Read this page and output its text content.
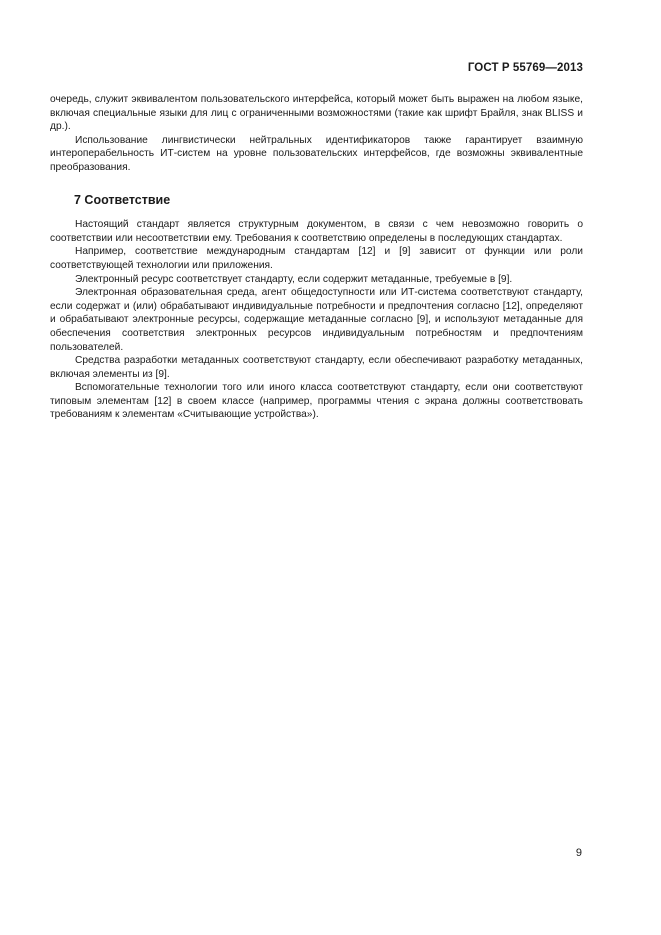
ГОСТ Р 55769—2013

очередь, служит эквивалентом пользовательского интерфейса, который может быть выражен на любом языке, включая специальные языки для лиц с ограниченными возможностями (такие как шрифт Брайля, знак BLISS и др.).

Использование лингвистически нейтральных идентификаторов также гарантирует взаимную интероперабельность ИТ-систем на уровне пользовательских интерфейсов, где возможны эквивалентные преобразования.

7 Соответствие

Настоящий стандарт является структурным документом, в связи с чем невозможно говорить о соответствии или несоответствии ему. Требования к соответствию определены в последующих стандартах.

Например, соответствие международным стандартам [12] и [9] зависит от функции или роли соответствующей технологии или приложения.

Электронный ресурс соответствует стандарту, если содержит метаданные, требуемые в [9].

Электронная образовательная среда, агент общедоступности или ИТ-система соответствуют стандарту, если содержат и (или) обрабатывают индивидуальные потребности и предпочтения согласно [12], определяют и обрабатывают электронные ресурсы, содержащие метаданные согласно [9], и используют метаданные для обеспечения соответствия электронных ресурсов индивидуальным потребностям и предпочтениям пользователей.

Средства разработки метаданных соответствуют стандарту, если обеспечивают разработку метаданных, включая элементы из [9].

Вспомогательные технологии того или иного класса соответствуют стандарту, если они соответствуют типовым элементам [12] в своем классе (например, программы чтения с экрана должны соответствовать требованиям к элементам «Считывающие устройства»).

9
